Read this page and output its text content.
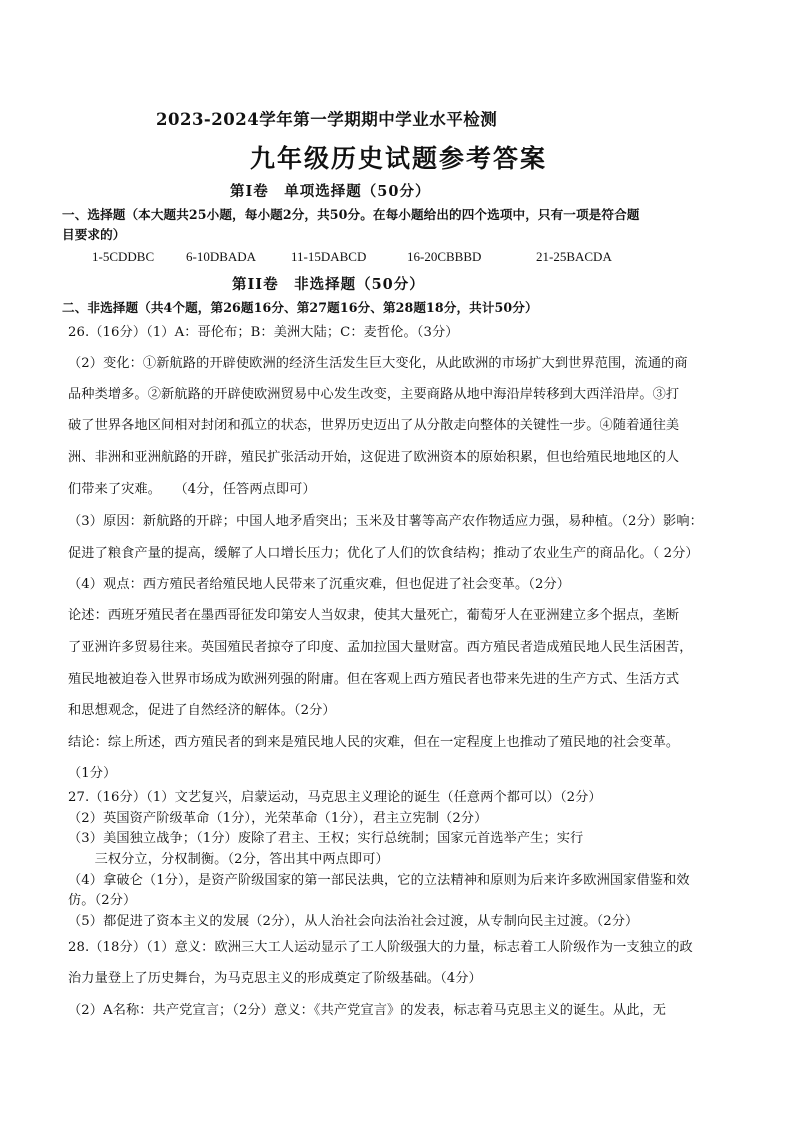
2023-2024学年第一学期期中学业水平检测
九年级历史试题参考答案
第Ⅰ卷　单项选择题（50分）
一、选择题（本大题共25小题，每小题2分，共50分。在每小题给出的四个选项中，只有一项是符合题
目要求的）
1-5CDDBC 6-10DBADA	11-15DABCD	16-20CBBBD	21-25BACDA
第II卷　非选择题（50分）
二、非选择题（共4个题，第26题16分、第27题16分、第28题18分，共计50分）
26.（16分）（1）A：哥伦布；B：美洲大陆；C：麦哲伦。（3分）
（2）变化：①新航路的开辟使欧洲的经济生活发生巨大变化，从此欧洲的市场扩大到世界范围，流通的商
品种类增多。②新航路的开辟使欧洲贸易中心发生改变，主要商路从地中海沿岸转移到大西洋沿岸。③打
破了世界各地区间相对封闭和孤立的状态，世界历史迈出了从分散走向整体的关键性一步。④随着通往美
洲、非洲和亚洲航路的开辟，殖民扩张活动开始，这促进了欧洲资本的原始积累，但也给殖民地地区的人
们带来了灾难。　　（4分，任答两点即可）
（3）原因：新航路的开辟；中国人地矛盾突出；玉米及甘薯等高产农作物适应力强，易种植。（2分）影响：
促进了粮食产量的提高，缓解了人口增长压力；优化了人们的饮食结构；推动了农业生产的商品化。（ 2分）
（4）观点：西方殖民者给殖民地人民带来了沉重灾难，但也促进了社会变革。（2分）
论述：西班牙殖民者在墨西哥征发印第安人当奴隶，使其大量死亡，葡萄牙人在亚洲建立多个据点，垄断
了亚洲许多贸易往来。英国殖民者掠夺了印度、孟加拉国大量财富。西方殖民者造成殖民地人民生活困苦，
殖民地被迫卷入世界市场成为欧洲列强的附庸。但在客观上西方殖民者也带来先进的生产方式、生活方式
和思想观念，促进了自然经济的解体。（2分）
结论：综上所述，西方殖民者的到来是殖民地人民的灾难，但在一定程度上也推动了殖民地的社会变革。
（1分）
27.（16分）（1）文艺复兴，启蒙运动，马克思主义理论的诞生（任意两个都可以）（2分）
（2）英国资产阶级革命（1分），光荣革命（1分），君主立宪制（2分）
（3）美国独立战争；（1分）废除了君主、王权；实行总统制；国家元首选举产生；实行
　　三权分立，分权制衡。（2分，答出其中两点即可）
（4）拿破仑（1分），是资产阶级国家的第一部民法典，它的立法精神和原则为后来许多欧洲国家借鉴和效
仿。（2分）
（5）都促进了资本主义的发展（2分），从人治社会向法治社会过渡，从专制向民主过渡。（2分）
28.（18分）（1）意义：欧洲三大工人运动显示了工人阶级强大的力量，标志着工人阶级作为一支独立的政
治力量登上了历史舞台，为马克思主义的形成奠定了阶级基础。（4分）
（2）A名称：共产党宣言；（2分）意义：《共产党宣言》的发表，标志着马克思主义的诞生。从此，无
